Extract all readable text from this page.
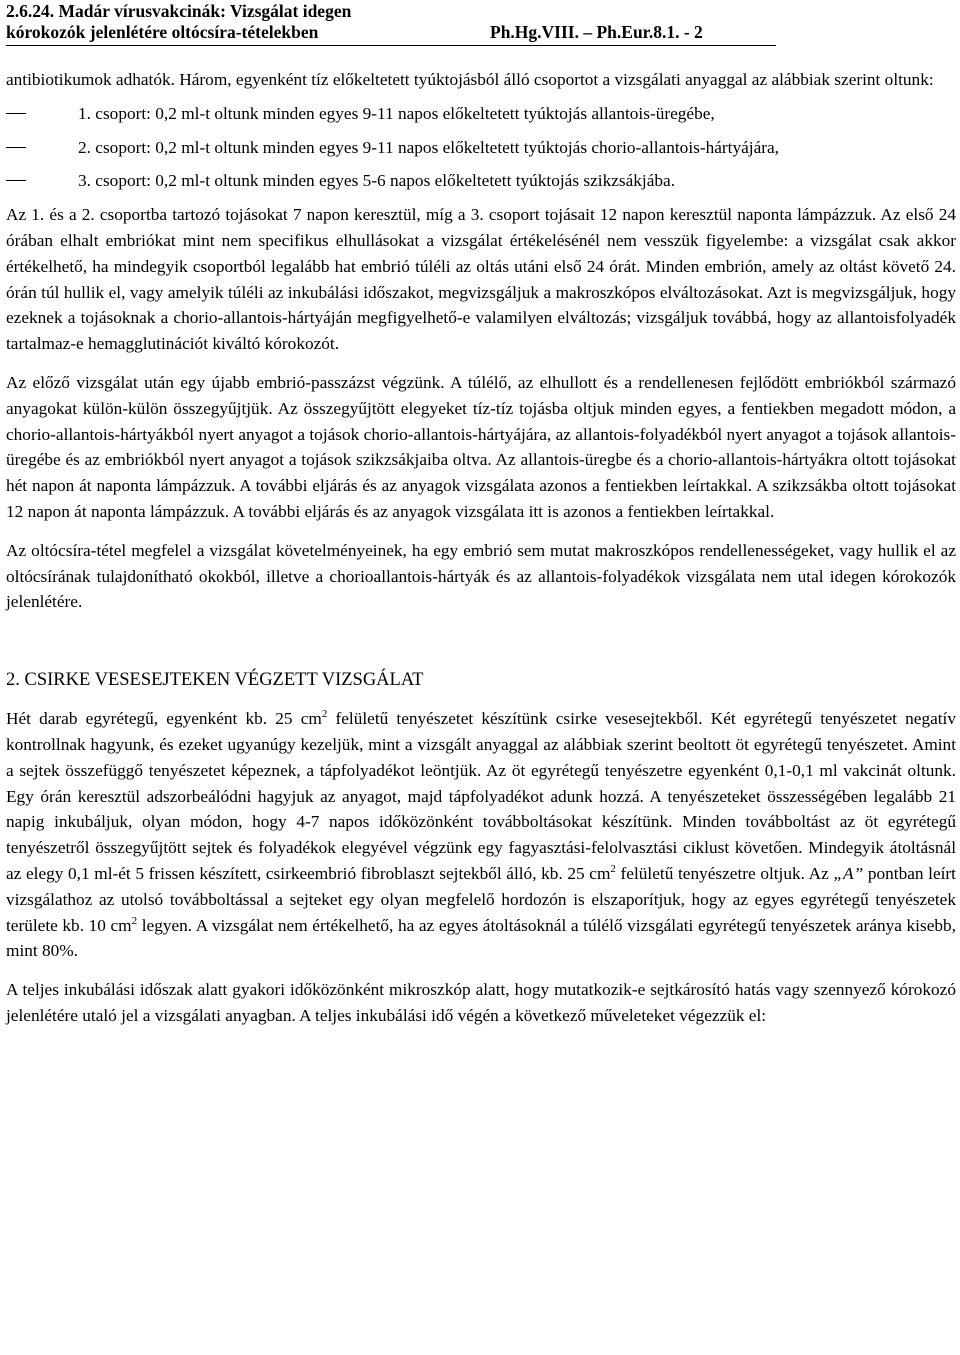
2.6.24. Madár vírusvakcinák: Vizsgálat idegen
kórokozók jelenlétére oltócsíra-tételekben	Ph.Hg.VIII. – Ph.Eur.8.1. - 2

antibiotikumok adhatók. Három, egyenként tíz előkeltetett tyúktojásból álló csoportot a vizsgálati anyaggal az alábbiak szerint oltunk:

1. csoport: 0,2 ml-t oltunk minden egyes 9-11 napos előkeltetett tyúktojás allantois-üregébe,
2. csoport: 0,2 ml-t oltunk minden egyes 9-11 napos előkeltetett tyúktojás chorio-allantois-hártyájára,
3. csoport: 0,2 ml-t oltunk minden egyes 5-6 napos előkeltetett tyúktojás szikzsákjába.

Az 1. és a 2. csoportba tartozó tojásokat 7 napon keresztül, míg a 3. csoport tojásait 12 napon keresztül naponta lámpázzuk. Az első 24 órában elhalt embriókat mint nem specifikus elhullásokat a vizsgálat értékelésénél nem vesszük figyelembe: a vizsgálat csak akkor értékelhető, ha mindegyik csoportból legalább hat embrió túléli az oltás utáni első 24 órát. Minden embrión, amely az oltást követő 24. órán túl hullik el, vagy amelyik túléli az inkubálási időszakot, megvizsgáljuk a makroszkópos elváltozásokat. Azt is megvizsgáljuk, hogy ezeknek a tojásoknak a chorio-allantois-hártyáján megfigyelhető-e valamilyen elváltozás; vizsgáljuk továbbá, hogy az allantoisfolyadék tartalmaz-e hemagglutinációt kiváltó kórokozót.

Az előző vizsgálat után egy újabb embrió-passzázst végzünk. A túlélő, az elhullott és a rendellenesen fejlődött embriókból származó anyagokat külön-külön összegyűjtjük. Az összegyűjtött elegyeket tíz-tíz tojásba oltjuk minden egyes, a fentiekben megadott módon, a chorio-allantois-hártyákból nyert anyagot a tojások chorio-allantois-hártyájára, az allantois-folyadékból nyert anyagot a tojások allantois-üregébe és az embriókból nyert anyagot a tojások szikzsákjaiba oltva. Az allantois-üregbe és a chorio-allantois-hártyákra oltott tojásokat hét napon át naponta lámpázzuk. A további eljárás és az anyagok vizsgálata azonos a fentiekben leírtakkal. A szikzsákba oltott tojásokat 12 napon át naponta lámpázzuk. A további eljárás és az anyagok vizsgálata itt is azonos a fentiekben leírtakkal.

Az oltócsíra-tétel megfelel a vizsgálat követelményeinek, ha egy embrió sem mutat makroszkópos rendellenességeket, vagy hullik el az oltócsírának tulajdonítható okokból, illetve a chorioallantois-hártyák és az allantois-folyadékok vizsgálata nem utal idegen kórokozók jelenlétére.

2. CSIRKE VESESEJTEKEN VÉGZETT VIZSGÁLAT

Hét darab egyrétegű, egyenként kb. 25 $cm^2$ felületű tenyészetet készítünk csirke vesesejtekből. Két egyrétegű tenyészetet negatív kontrollnak hagyunk, és ezeket ugyanúgy kezeljük, mint a vizsgált anyaggal az alábbiak szerint beoltott öt egyrétegű tenyészetet. Amint a sejtek összefüggő tenyészetet képeznek, a tápfolyadékot leöntjük. Az öt egyrétegű tenyészetre egyenként 0,1-0,1 ml vakcinát oltunk. Egy órán keresztül adszorbeálódni hagyjuk az anyagot, majd tápfolyadékot adunk hozzá. A tenyészeteket összességében legalább 21 napig inkubáljuk, olyan módon, hogy 4-7 napos időközönként továbboltásokat készítünk. Minden továbboltást az öt egyrétegű tenyészetről összegyűjtött sejtek és folyadékok elegyével végzünk egy fagyasztási-felolvasztási ciklust követően. Mindegyik átoltásnál az elegy 0,1 ml-ét 5 frissen készített, csirkeembrió fibroblaszt sejtekből álló, kb. 25 $cm^2$ felületű tenyészetre oltjuk. Az „A” pontban leírt vizsgálathoz az utolsó továbboltással a sejteket egy olyan megfelelő hordozón is elszaporítjuk, hogy az egyes egyrétegű tenyészetek területe kb. 10 $cm^2$ legyen. A vizsgálat nem értékelhető, ha az egyes átoltásoknál a túlélő vizsgálati egyrétegű tenyészetek aránya kisebb, mint 80%.

A teljes inkubálási időszak alatt gyakori időközönként mikroszkóp alatt, hogy mutatkozik-e sejtkárosító hatás vagy szennyező kórokozó jelenlétére utaló jel a vizsgálati anyagban. A teljes inkubálási idő végén a következő műveleteket végezzük el:
